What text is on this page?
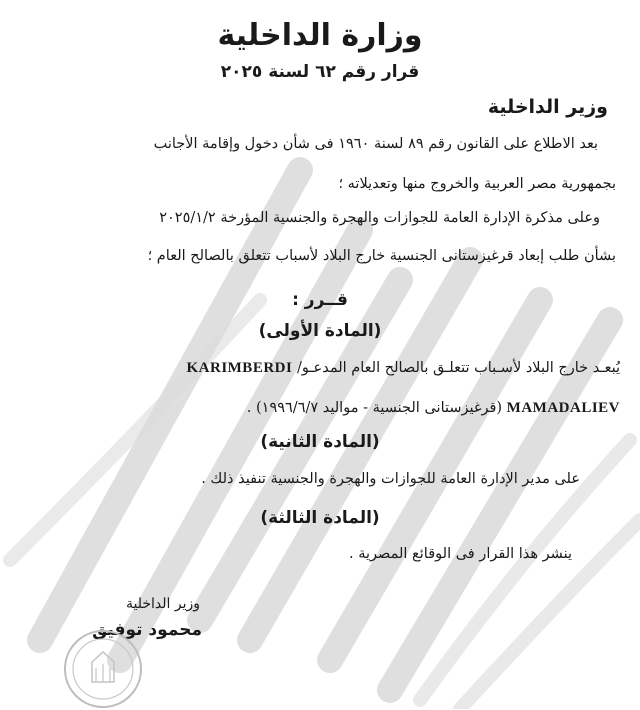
وزارة الداخلية
قرار رقم ٦٢ لسنة ٢٠٢٥
وزير الداخلية
بعد الاطلاع على القانون رقم ٨٩ لسنة ١٩٦٠ فى شأن دخول وإقامة الأجانب
بجمهورية مصر العربية والخروج منها وتعديلاته ؛
وعلى مذكرة الإدارة العامة للجوازات والهجرة والجنسية المؤرخة ٢٠٢٥/١/٢
بشأن طلب إبعاد قرغيزستانى الجنسية خارج البلاد لأسباب تتعلق بالصالح العام ؛
قــرر :
(المادة الأولى)
يُبعـد خارج البلاد لأسـباب تتعلـق بالصالح العام المدعـو/ KARIMBERDI
MAMADALIEV (قرغيزستانى الجنسية - مواليد ١٩٩٦/٦/٧) .
(المادة الثانية)
على مدير الإدارة العامة للجوازات والهجرة والجنسية تنفيذ ذلك .
(المادة الثالثة)
ينشر هذا القرار فى الوقائع المصرية .
وزير الداخلية
محمود توفيق
